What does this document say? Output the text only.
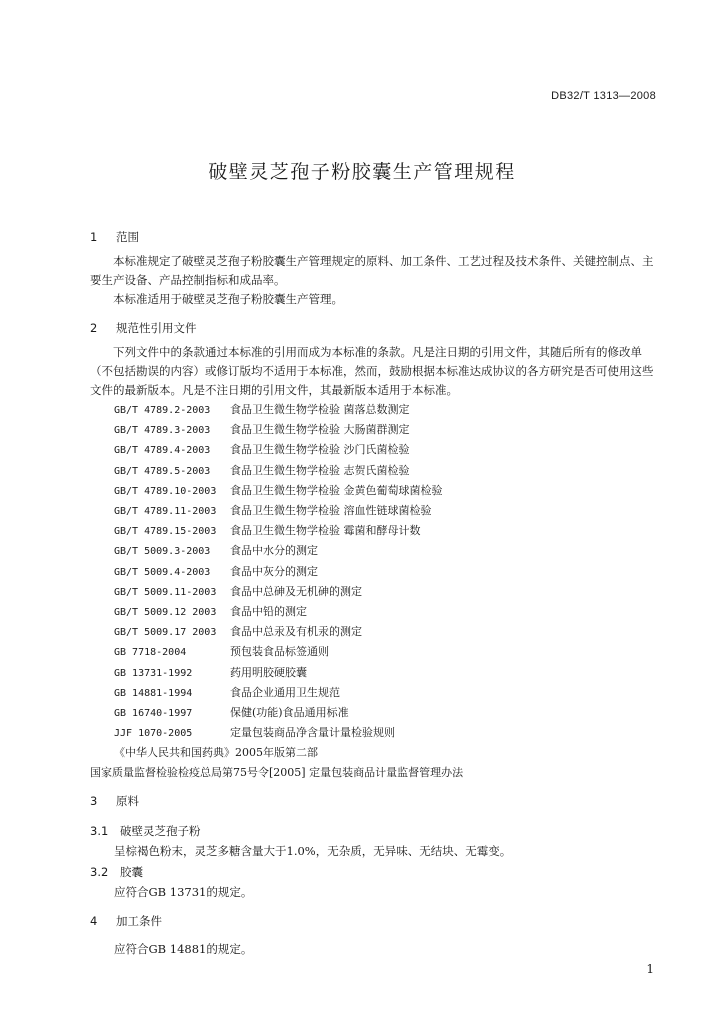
DB32/T 1313—2008
破壁灵芝孢子粉胶囊生产管理规程

1 范围

本标准规定了破壁灵芝孢子粉胶囊生产管理规定的原料、加工条件、工艺过程及技术条件、关键控制点、主要生产设备、产品控制指标和成品率。

本标准适用于破壁灵芝孢子粉胶囊生产管理。

2 规范性引用文件

下列文件中的条款通过本标准的引用而成为本标准的条款。凡是注日期的引用文件，其随后所有的修改单（不包括勘误的内容）或修订版均不适用于本标准，然而，鼓励根据本标准达成协议的各方研究是否可使用这些文件的最新版本。凡是不注日期的引用文件，其最新版本适用于本标准。

GB/T 4789.2-2003 食品卫生微生物学检验 菌落总数测定

GB/T 4789.3-2003 食品卫生微生物学检验 大肠菌群测定

GB/T 4789.4-2003 食品卫生微生物学检验 沙门氏菌检验

GB/T 4789.5-2003 食品卫生微生物学检验 志贺氏菌检验

GB/T 4789.10-2003 食品卫生微生物学检验 金黄色葡萄球菌检验

GB/T 4789.11-2003 食品卫生微生物学检验 溶血性链球菌检验

GB/T 4789.15-2003 食品卫生微生物学检验 霉菌和酵母计数

GB/T 5009.3-2003 食品中水分的测定

GB/T 5009.4-2003 食品中灰分的测定

GB/T 5009.11-2003 食品中总砷及无机砷的测定

GB/T 5009.12 2003 食品中铅的测定

GB/T 5009.17 2003 食品中总汞及有机汞的测定

GB 7718-2004	预包装食品标签通则

GB 13731-1992	药用明胶硬胶囊

GB 14881-1994	食品企业通用卫生规范

GB 16740-1997	保健(功能)食品通用标准

JJF 1070-2005	定量包装商品净含量计量检验规则

《中华人民共和国药典》2005年版第二部

国家质量监督检验检疫总局第75号令[2005] 定量包装商品计量监督管理办法

3 原料

3.1 破壁灵芝孢子粉

呈棕褐色粉末，灵芝多糖含量大于1.0%，无杂质，无异味、无结块、无霉变。

3.2 胶囊

应符合GB 13731的规定。

4 加工条件

应符合GB 14881的规定。

1
